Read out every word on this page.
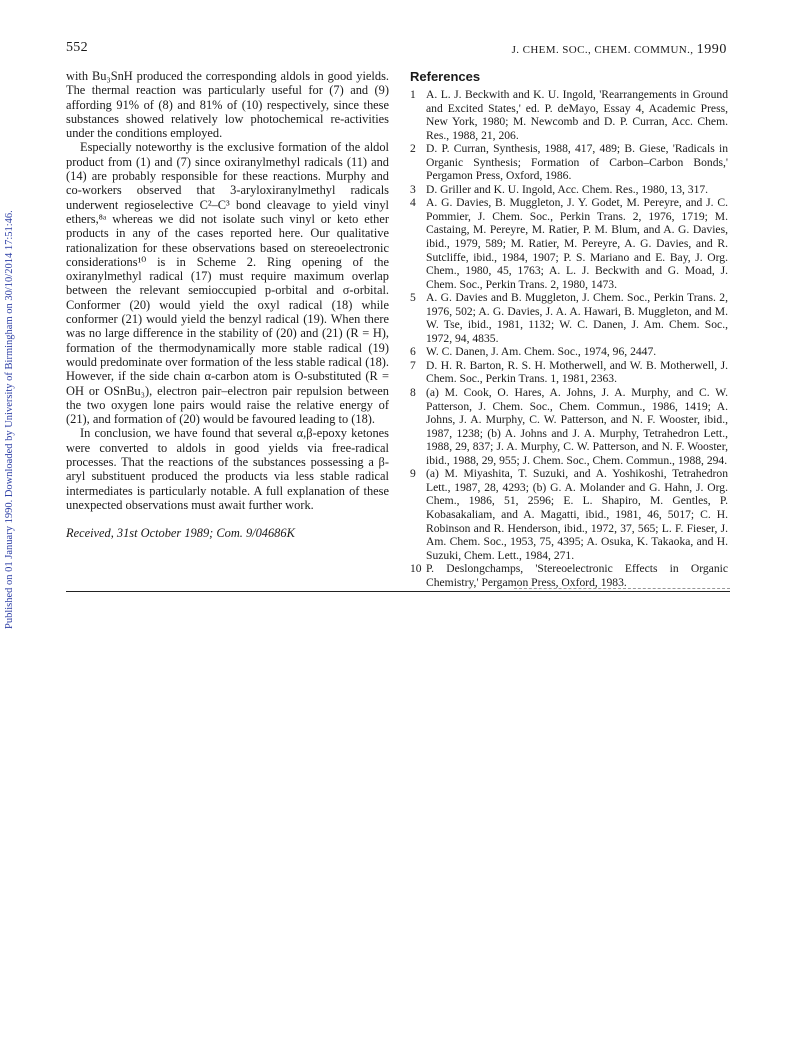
552	J. CHEM. SOC., CHEM. COMMUN., 1990
Published on 01 January 1990. Downloaded by University of Birmingham on 30/10/2014 17:51:46.

with Bu₃SnH produced the corresponding aldols in good yields. The thermal reaction was particularly useful for (7) and (9) affording 91% of (8) and 81% of (10) respectively, since these substances showed relatively low photochemical re-activities under the conditions employed.

Especially noteworthy is the exclusive formation of the aldol product from (1) and (7) since oxiranylmethyl radicals (11) and (14) are probably responsible for these reactions. Murphy and co-workers observed that 3-aryloxiranylmethyl radicals underwent regioselective C²–C³ bond cleavage to yield vinyl ethers,⁸ᵃ whereas we did not isolate such vinyl or keto ether products in any of the cases reported here. Our qualitative rationalization for these observations based on stereoelectronic considerations¹⁰ is in Scheme 2. Ring opening of the oxiranylmethyl radical (17) must require maximum overlap between the relevant semioccupied p-orbital and σ-orbital. Conformer (20) would yield the oxyl radical (18) while conformer (21) would yield the benzyl radical (19). When there was no large difference in the stability of (20) and (21) (R = H), formation of the thermodynamically more stable radical (19) would predominate over formation of the less stable radical (18). However, if the side chain α-carbon atom is O-substituted (R = OH or OSnBu₃), electron pair–electron pair repulsion between the two oxygen lone pairs would raise the relative energy of (21), and formation of (20) would be favoured leading to (18).

In conclusion, we have found that several α,β-epoxy ketones were converted to aldols in good yields via free-radical processes. That the reactions of the substances possessing a β-aryl substituent produced the products via less stable radical intermediates is particularly notable. A full explanation of these unexpected observations must await further work.

Received, 31st October 1989; Com. 9/04686K

References
1 A. L. J. Beckwith and K. U. Ingold, 'Rearrangements in Ground and Excited States,' ed. P. deMayo, Essay 4, Academic Press, New York, 1980; M. Newcomb and D. P. Curran, Acc. Chem. Res., 1988, 21, 206.
2 D. P. Curran, Synthesis, 1988, 417, 489; B. Giese, 'Radicals in Organic Synthesis; Formation of Carbon–Carbon Bonds,' Pergamon Press, Oxford, 1986.
3 D. Griller and K. U. Ingold, Acc. Chem. Res., 1980, 13, 317.
4 A. G. Davies, B. Muggleton, J. Y. Godet, M. Pereyre, and J. C. Pommier, J. Chem. Soc., Perkin Trans. 2, 1976, 1719; M. Castaing, M. Pereyre, M. Ratier, P. M. Blum, and A. G. Davies, ibid., 1979, 589; M. Ratier, M. Pereyre, A. G. Davies, and R. Sutcliffe, ibid., 1984, 1907; P. S. Mariano and E. Bay, J. Org. Chem., 1980, 45, 1763; A. L. J. Beckwith and G. Moad, J. Chem. Soc., Perkin Trans. 2, 1980, 1473.
5 A. G. Davies and B. Muggleton, J. Chem. Soc., Perkin Trans. 2, 1976, 502; A. G. Davies, J. A. A. Hawari, B. Muggleton, and M. W. Tse, ibid., 1981, 1132; W. C. Danen, J. Am. Chem. Soc., 1972, 94, 4835.
6 W. C. Danen, J. Am. Chem. Soc., 1974, 96, 2447.
7 D. H. R. Barton, R. S. H. Motherwell, and W. B. Motherwell, J. Chem. Soc., Perkin Trans. 1, 1981, 2363.
8 (a) M. Cook, O. Hares, A. Johns, J. A. Murphy, and C. W. Patterson, J. Chem. Soc., Chem. Commun., 1986, 1419; A. Johns, J. A. Murphy, C. W. Patterson, and N. F. Wooster, ibid., 1987, 1238; (b) A. Johns and J. A. Murphy, Tetrahedron Lett., 1988, 29, 837; J. A. Murphy, C. W. Patterson, and N. F. Wooster, ibid., 1988, 29, 955; J. Chem. Soc., Chem. Commun., 1988, 294.
9 (a) M. Miyashita, T. Suzuki, and A. Yoshikoshi, Tetrahedron Lett., 1987, 28, 4293; (b) G. A. Molander and G. Hahn, J. Org. Chem., 1986, 51, 2596; E. L. Shapiro, M. Gentles, P. Kobasakaliam, and A. Magatti, ibid., 1981, 46, 5017; C. H. Robinson and R. Henderson, ibid., 1972, 37, 565; L. F. Fieser, J. Am. Chem. Soc., 1953, 75, 4395; A. Osuka, K. Takaoka, and H. Suzuki, Chem. Lett., 1984, 271.
10 P. Deslongchamps, 'Stereoelectronic Effects in Organic Chemistry,' Pergamon Press, Oxford, 1983.
